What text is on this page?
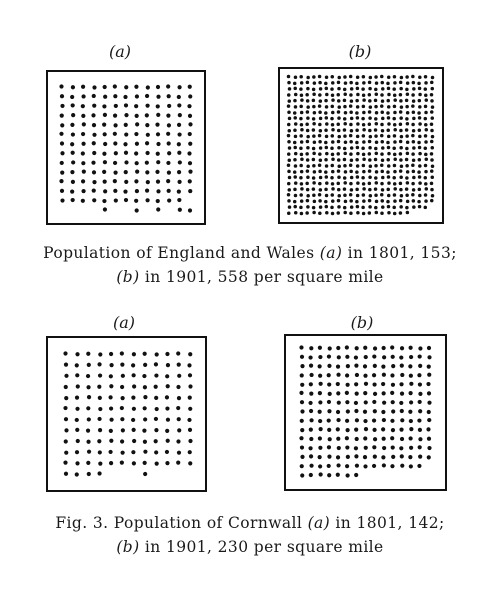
(a)	(b)
Population of England and Wales (a) in 1801, 153;
(b) in 1901, 558 per square mile
(a)	(b)
Fig. 3. Population of Cornwall (a) in 1801, 142;
(b) in 1901, 230 per square mile
